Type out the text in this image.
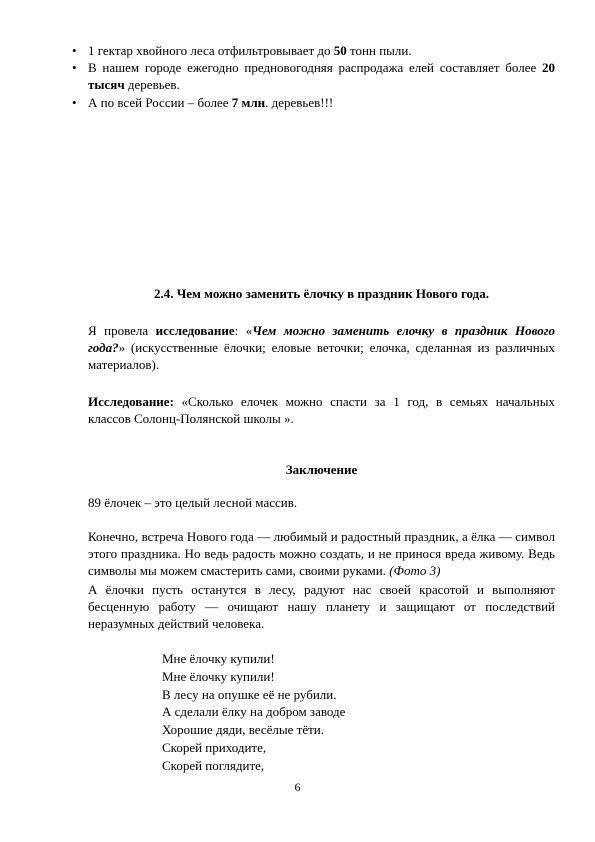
• 1 гектар хвойного леса отфильтровывает до 50 тонн пыли.
• В нашем городе ежегодно предновогодняя распродажа елей составляет более 20 тысяч деревьев.
• А по всей России – более 7 млн. деревьев!!!
2.4. Чем можно заменить ёлочку в праздник Нового года.
Я провела исследование: «Чем можно заменить елочку в праздник Нового года?» (искусственные ёлочки; еловые веточки; елочка, сделанная из различных материалов).
Исследование: «Сколько елочек можно спасти за 1 год, в семьях начальных классов Солонц-Полянской школы ».
Заключение
89 ёлочек – это целый лесной массив.
Конечно, встреча Нового года — любимый и радостный праздник, а ёлка — символ этого праздника. Но ведь радость можно создать, и не принося вреда живому. Ведь символы мы можем смастерить сами, своими руками. (Фото 3)
А ёлочки пусть останутся в лесу, радуют нас своей красотой и выполняют бесценную работу — очищают нашу планету и защищают от последствий неразумных действий человека.
Мне ёлочку купили!
Мне ёлочку купили!
В лесу на опушке её не рубили.
А сделали ёлку на добром заводе
Хорошие дяди, весёлые тёти.
Скорей приходите,
Скорей поглядите,
6
